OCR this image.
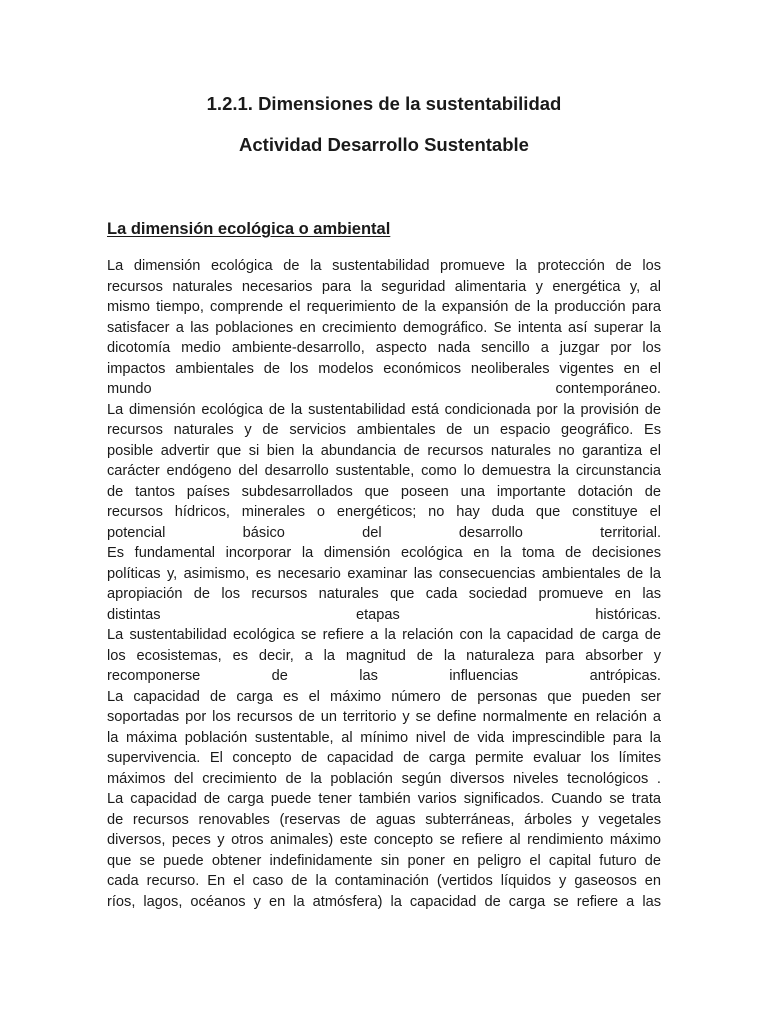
1.2.1. Dimensiones de la sustentabilidad
Actividad Desarrollo Sustentable
La dimensión ecológica o ambiental
La dimensión ecológica de la sustentabilidad promueve la protección de los
recursos naturales necesarios para la seguridad alimentaria y energética y, al
mismo tiempo, comprende el requerimiento de la expansión de la producción para
satisfacer a las poblaciones en crecimiento demográfico. Se intenta así superar la
dicotomía medio ambiente-desarrollo, aspecto nada sencillo a juzgar por los
impactos ambientales de los modelos económicos neoliberales vigentes en el
mundo contemporáneo.
La dimensión ecológica de la sustentabilidad está condicionada por la provisión de
recursos naturales y de servicios ambientales de un espacio geográfico. Es
posible advertir que si bien la abundancia de recursos naturales no garantiza el
carácter endógeno del desarrollo sustentable, como lo demuestra la circunstancia
de tantos países subdesarrollados que poseen una importante dotación de
recursos hídricos, minerales o energéticos; no hay duda que constituye el
potencial básico del desarrollo territorial.
Es fundamental incorporar la dimensión ecológica en la toma de decisiones
políticas y, asimismo, es necesario examinar las consecuencias ambientales de la
apropiación de los recursos naturales que cada sociedad promueve en las
distintas etapas históricas.
La sustentabilidad ecológica se refiere a la relación con la capacidad de carga de
los ecosistemas, es decir, a la magnitud de la naturaleza para absorber y
recomponerse de las influencias antrópicas.
La capacidad de carga es el máximo número de personas que pueden ser
soportadas por los recursos de un territorio y se define normalmente en relación a
la máxima población sustentable, al mínimo nivel de vida imprescindible para la
supervivencia. El concepto de capacidad de carga permite evaluar los límites
máximos del crecimiento de la población según diversos niveles tecnológicos .
La capacidad de carga puede tener también varios significados. Cuando se trata
de recursos renovables (reservas de aguas subterráneas, árboles y vegetales
diversos, peces y otros animales) este concepto se refiere al rendimiento máximo
que se puede obtener indefinidamente sin poner en peligro el capital futuro de
cada recurso. En el caso de la contaminación (vertidos líquidos y gaseosos en
ríos, lagos, océanos y en la atmósfera) la capacidad de carga se refiere a las
